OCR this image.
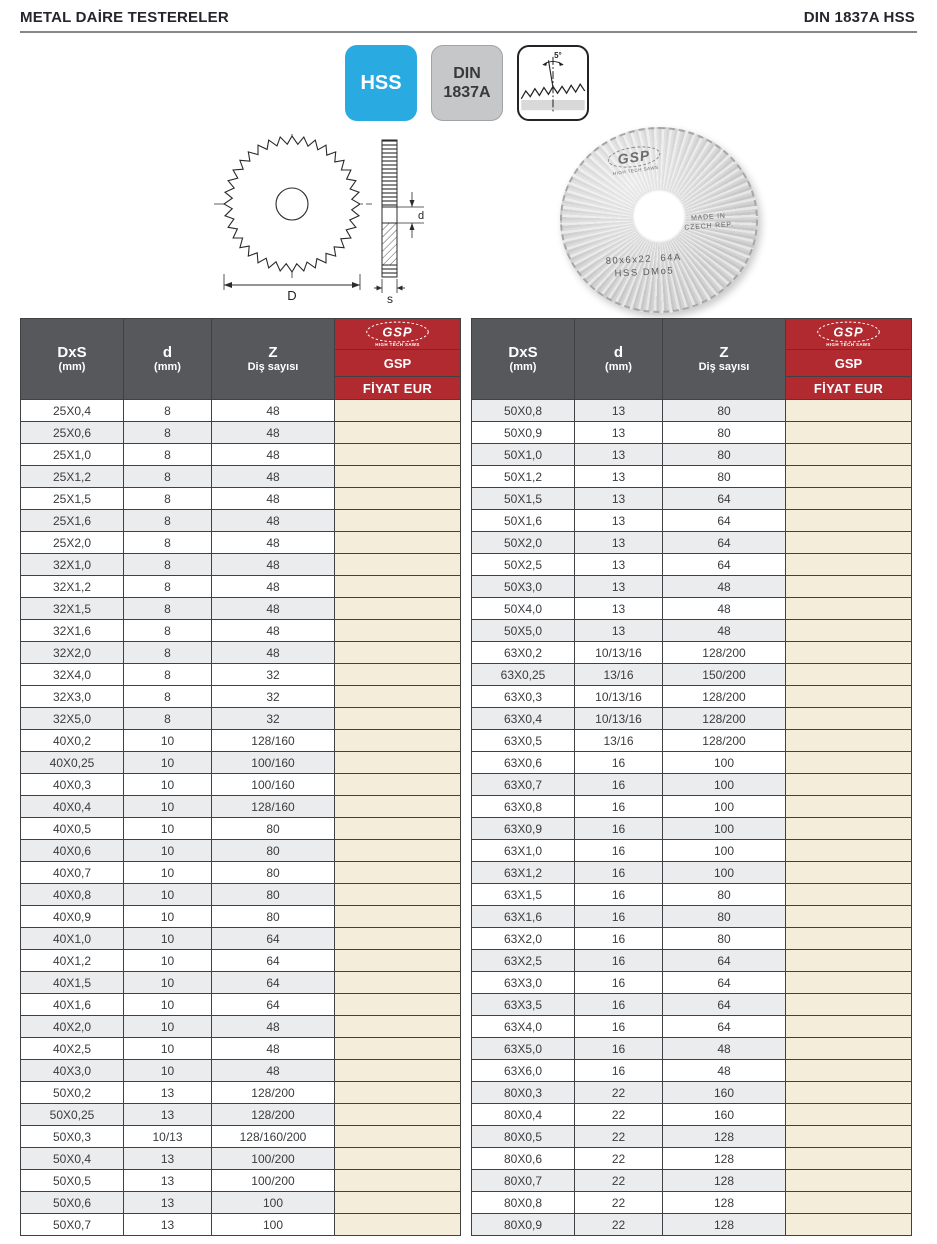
METAL DAİRE TESTERELER	DIN 1837A HSS
HSS	DIN
1837A
5°
D
d
s
GSP
HIGH TECH SAWS
MADE IN
CZECH REP.
80x6x22  64A
HSS DMo5
DxS
(mm)	d
(mm)	Z
Diş sayısı	GSP
HIGH TECH SAWS

			GSP
			FİYAT EUR
25X0,4	8	48	
25X0,6	8	48	
25X1,0	8	48	
25X1,2	8	48	
25X1,5	8	48	
25X1,6	8	48	
25X2,0	8	48	
32X1,0	8	48	
32X1,2	8	48	
32X1,5	8	48	
32X1,6	8	48	
32X2,0	8	48	
32X4,0	8	32	
32X3,0	8	32	
32X5,0	8	32	
40X0,2	10	128/160	
40X0,25	10	100/160	
40X0,3	10	100/160	
40X0,4	10	128/160	
40X0,5	10	80	
40X0,6	10	80	
40X0,7	10	80	
40X0,8	10	80	
40X0,9	10	80	
40X1,0	10	64	
40X1,2	10	64	
40X1,5	10	64	
40X1,6	10	64	
40X2,0	10	48	
40X2,5	10	48	
40X3,0	10	48	
50X0,2	13	128/200	
50X0,25	13	128/200	
50X0,3	10/13	128/160/200	
50X0,4	13	100/200	
50X0,5	13	100/200	
50X0,6	13	100	
50X0,7	13	100	
DxS
(mm)	d
(mm)	Z
Diş sayısı	GSP
HIGH TECH SAWS

			GSP
			FİYAT EUR
50X0,8	13	80	
50X0,9	13	80	
50X1,0	13	80	
50X1,2	13	80	
50X1,5	13	64	
50X1,6	13	64	
50X2,0	13	64	
50X2,5	13	64	
50X3,0	13	48	
50X4,0	13	48	
50X5,0	13	48	
63X0,2	10/13/16	128/200	
63X0,25	13/16	150/200	
63X0,3	10/13/16	128/200	
63X0,4	10/13/16	128/200	
63X0,5	13/16	128/200	
63X0,6	16	100	
63X0,7	16	100	
63X0,8	16	100	
63X0,9	16	100	
63X1,0	16	100	
63X1,2	16	100	
63X1,5	16	80	
63X1,6	16	80	
63X2,0	16	80	
63X2,5	16	64	
63X3,0	16	64	
63X3,5	16	64	
63X4,0	16	64	
63X5,0	16	48	
63X6,0	16	48	
80X0,3	22	160	
80X0,4	22	160	
80X0,5	22	128	
80X0,6	22	128	
80X0,7	22	128	
80X0,8	22	128	
80X0,9	22	128	
